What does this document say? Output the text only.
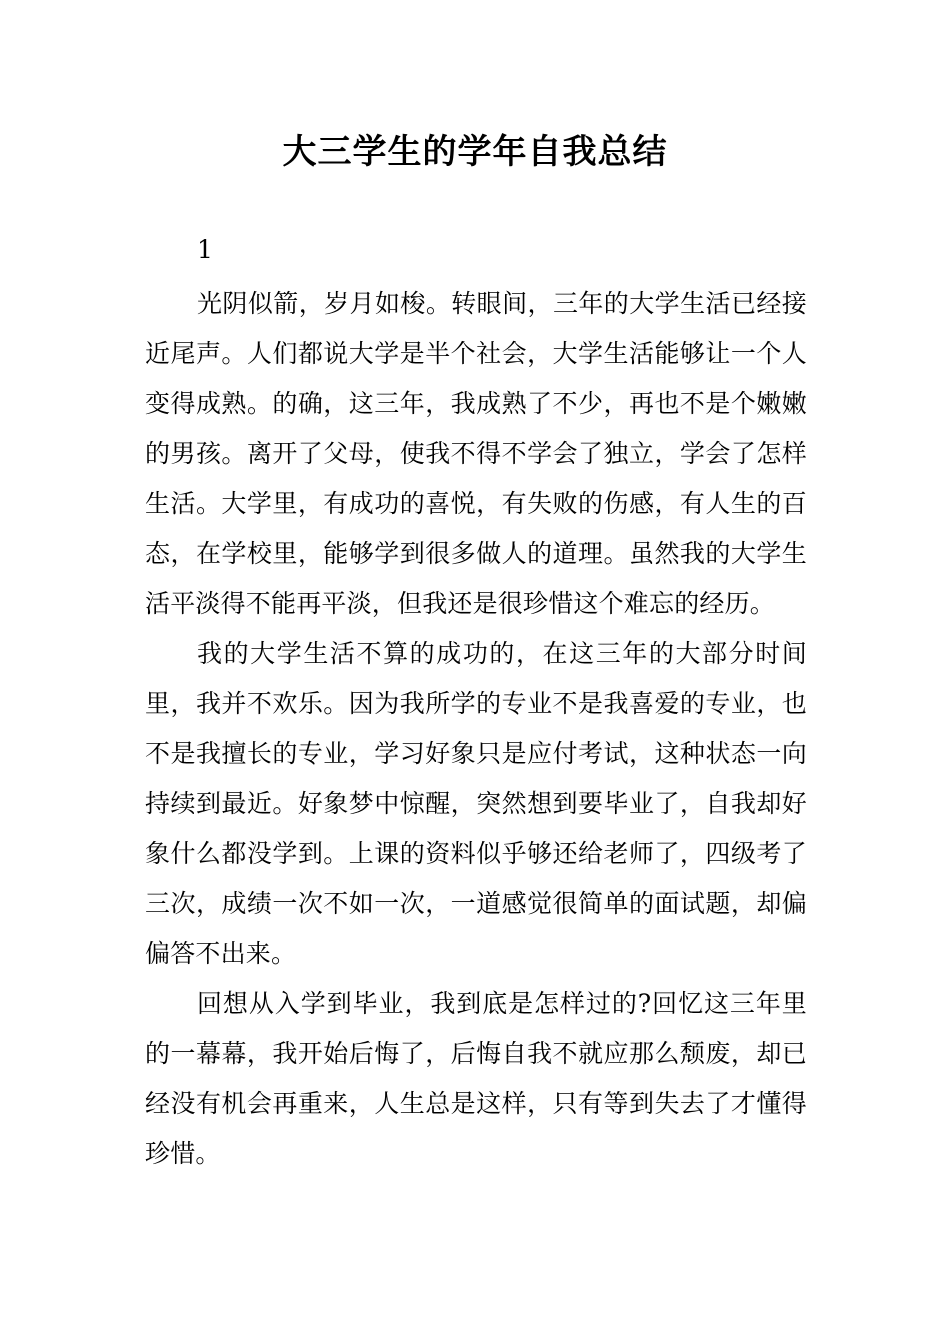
大三学生的学年自我总结
1

光阴似箭，岁月如梭。转眼间，三年的大学生活已经接近尾声。人们都说大学是半个社会，大学生活能够让一个人变得成熟。的确，这三年，我成熟了不少，再也不是个嫩嫩的男孩。离开了父母，使我不得不学会了独立，学会了怎样生活。大学里，有成功的喜悦，有失败的伤感，有人生的百态，在学校里，能够学到很多做人的道理。虽然我的大学生活平淡得不能再平淡，但我还是很珍惜这个难忘的经历。

我的大学生活不算的成功的，在这三年的大部分时间里，我并不欢乐。因为我所学的专业不是我喜爱的专业，也不是我擅长的专业，学习好象只是应付考试，这种状态一向持续到最近。好象梦中惊醒，突然想到要毕业了，自我却好象什么都没学到。上课的资料似乎够还给老师了，四级考了三次，成绩一次不如一次，一道感觉很简单的面试题，却偏偏答不出来。

回想从入学到毕业，我到底是怎样过的?回忆这三年里的一幕幕，我开始后悔了，后悔自我不就应那么颓废，却已经没有机会再重来，人生总是这样，只有等到失去了才懂得珍惜。
